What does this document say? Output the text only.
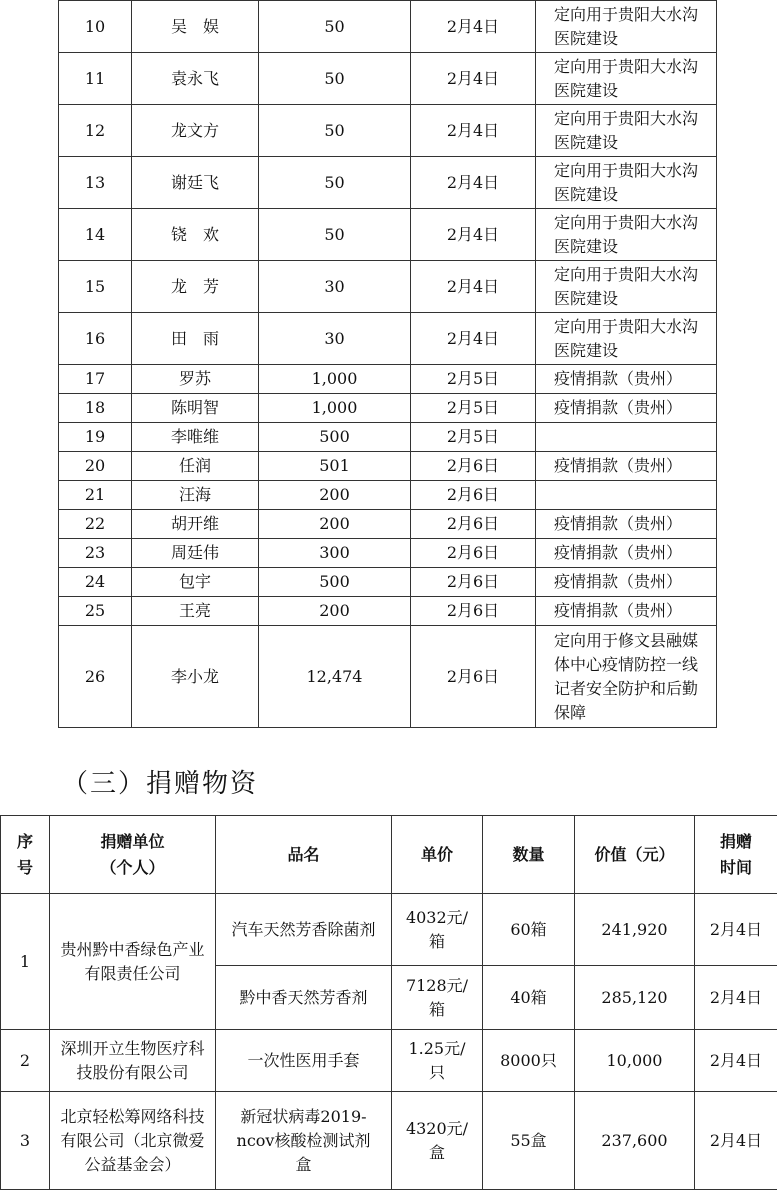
10	吴　娱	50	2月4日	定向用于贵阳大水沟医院建设
11	袁永飞	50	2月4日	定向用于贵阳大水沟医院建设
12	龙文方	50	2月4日	定向用于贵阳大水沟医院建设
13	谢廷飞	50	2月4日	定向用于贵阳大水沟医院建设
14	铙　欢	50	2月4日	定向用于贵阳大水沟医院建设
15	龙　芳	30	2月4日	定向用于贵阳大水沟医院建设
16	田　雨	30	2月4日	定向用于贵阳大水沟医院建设
17	罗苏	1,000	2月5日	疫情捐款（贵州）
18	陈明智	1,000	2月5日	疫情捐款（贵州）
19	李唯维	500	2月5日	
20	任润	501	2月6日	疫情捐款（贵州）
21	汪海	200	2月6日	
22	胡开维	200	2月6日	疫情捐款（贵州）
23	周廷伟	300	2月6日	疫情捐款（贵州）
24	包宇	500	2月6日	疫情捐款（贵州）
25	王亮	200	2月6日	疫情捐款（贵州）
26	李小龙	12,474	2月6日	定向用于修文县融媒体中心疫情防控一线记者安全防护和后勤保障
（三）捐赠物资
序号	捐赠单位（个人）	品名	单价	数量	价值（元）	捐赠时间
1	贵州黔中香绿色产业有限责任公司	汽车天然芳香除菌剂	4032元/箱	60箱	241,920	2月4日
		黔中香天然芳香剂	7128元/箱	40箱	285,120	2月4日
2	深圳开立生物医疗科技股份有限公司	一次性医用手套	1.25元/只	8000只	10,000	2月4日
3	北京轻松筹网络科技有限公司（北京微爱公益基金会）	新冠状病毒2019-ncov核酸检测试剂盒	4320元/盒	55盒	237,600	2月4日
